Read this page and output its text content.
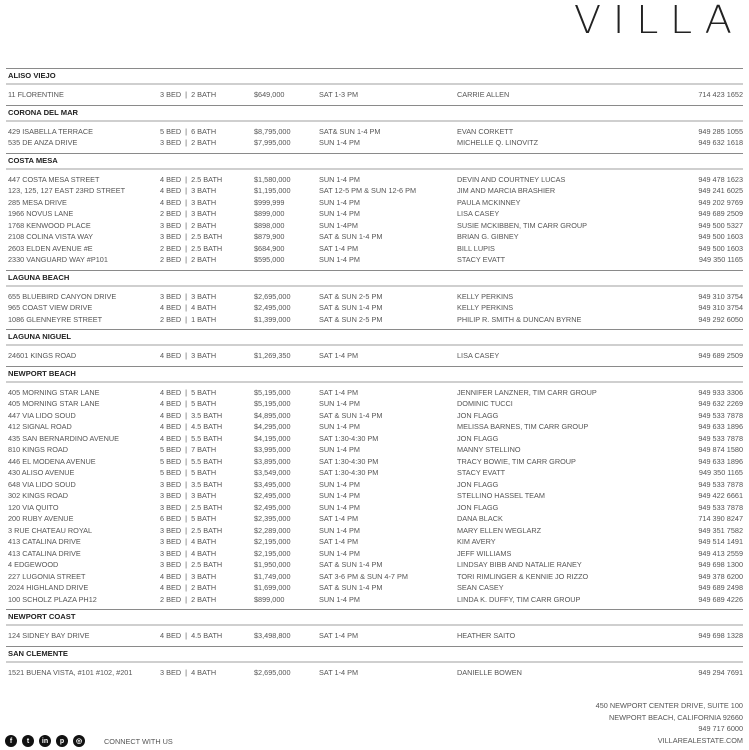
VILLA
ALISO VIEJO
11 FLORENTINE	3 BED  |  2 BATH	$649,000	SAT 1-3 PM	CARRIE ALLEN	714 423 1652
CORONA DEL MAR
429 ISABELLA TERRACE	5 BED  |  6 BATH	$8,795,000	SAT& SUN 1-4 PM	EVAN CORKETT	949 285 1055
535 DE ANZA DRIVE	3 BED  |  2 BATH	$7,995,000	SUN 1-4 PM	MICHELLE Q. LINOVITZ	949 632 1618
COSTA MESA
447 COSTA MESA STREET	4 BED  |  2.5 BATH	$1,580,000	SUN 1-4 PM	DEVIN AND COURTNEY LUCAS	949 478 1623
123, 125, 127 EAST 23RD STREET	4 BED  |  3 BATH	$1,195,000	SAT 12-5 PM & SUN 12-6 PM	JIM AND MARCIA BRASHIER	949 241 6025
285 MESA DRIVE	4 BED  |  3 BATH	$999,999	SUN 1-4 PM	PAULA MCKINNEY	949 202 9769
1966 NOVUS LANE	2 BED  |  3 BATH	$899,000	SUN 1-4 PM	LISA CASEY	949 689 2509
1768 KENWOOD PLACE	3 BED  |  2 BATH	$898,000	SUN 1-4PM	SUSIE MCKIBBEN, TIM CARR GROUP	949 500 5327
2108 COLINA VISTA WAY	3 BED  |  2.5 BATH	$879,900	SAT & SUN 1-4 PM	BRIAN G. GIBNEY	949 500 1603
2603 ELDEN AVENUE #E	2 BED  |  2.5 BATH	$684,900	SAT 1-4 PM	BILL LUPIS	949 500 1603
2330 VANGUARD WAY #P101	2 BED  |  2 BATH	$595,000	SUN 1-4 PM	STACY EVATT	949 350 1165
LAGUNA BEACH
655 BLUEBIRD CANYON DRIVE	3 BED  |  3 BATH	$2,695,000	SAT & SUN 2-5 PM	KELLY PERKINS	949 310 3754
965 COAST VIEW DRIVE	4 BED  |  4 BATH	$2,495,000	SAT & SUN 1-4 PM	KELLY PERKINS	949 310 3754
1086 GLENNEYRE STREET	2 BED  |  1 BATH	$1,399,000	SAT & SUN 2-5 PM	PHILIP R. SMITH & DUNCAN BYRNE	949 292 6050
LAGUNA NIGUEL
24601 KINGS ROAD	4 BED  |  3 BATH	$1,269,350	SAT 1-4 PM	LISA CASEY	949 689 2509
NEWPORT BEACH
405 MORNING STAR LANE	4 BED  |  5 BATH	$5,195,000	SAT 1-4 PM	JENNIFER LANZNER, TIM CARR GROUP	949 933 3306
405 MORNING STAR LANE	4 BED  |  5 BATH	$5,195,000	SUN 1-4 PM	DOMINIC TUCCI	949 632 2269
447 VIA LIDO SOUD	4 BED  |  3.5 BATH	$4,895,000	SAT & SUN 1-4 PM	JON FLAGG	949 533 7878
412 SIGNAL ROAD	4 BED  |  4.5 BATH	$4,295,000	SUN 1-4 PM	MELISSA BARNES, TIM CARR GROUP	949 633 1896
435 SAN BERNARDINO AVENUE	4 BED  |  5.5 BATH	$4,195,000	SAT 1:30-4:30 PM	JON FLAGG	949 533 7878
810 KINGS ROAD	5 BED  |  7 BATH	$3,995,000	SUN 1-4 PM	MANNY STELLINO	949 874 1580
446 EL MODENA AVENUE	5 BED  |  5.5 BATH	$3,895,000	SAT 1:30-4:30 PM	TRACY BOWIE, TIM CARR GROUP	949 633 1896
430 ALISO AVENUE	5 BED  |  5 BATH	$3,549,000	SAT 1:30-4:30 PM	STACY EVATT	949 350 1165
648 VIA LIDO SOUD	3 BED  |  3.5 BATH	$3,495,000	SUN 1-4 PM	JON FLAGG	949 533 7878
302 KINGS ROAD	3 BED  |  3 BATH	$2,495,000	SUN 1-4 PM	STELLINO HASSEL TEAM	949 422 6661
120 VIA QUITO	3 BED  |  2.5 BATH	$2,495,000	SUN 1-4 PM	JON FLAGG	949 533 7878
200 RUBY AVENUE	6 BED  |  5 BATH	$2,395,000	SAT 1-4 PM	DANA BLACK	714 390 8247
3 RUE CHATEAU ROYAL	3 BED  |  2.5 BATH	$2,289,000	SUN 1-4 PM	MARY ELLEN WEGLARZ	949 351 7582
413 CATALINA DRIVE	3 BED  |  4 BATH	$2,195,000	SAT 1-4 PM	KIM AVERY	949 514 1491
413 CATALINA DRIVE	3 BED  |  4 BATH	$2,195,000	SUN 1-4 PM	JEFF WILLIAMS	949 413 2559
4 EDGEWOOD	3 BED  |  2.5 BATH	$1,950,000	SAT & SUN 1-4 PM	LINDSAY BIBB AND NATALIE RANEY	949 698 1300
227 LUGONIA STREET	4 BED  |  3 BATH	$1,749,000	SAT 3-6 PM & SUN 4-7 PM	TORI RIMLINGER & KENNIE JO RIZZO	949 378 6200
2024 HIGHLAND DRIVE	4 BED  |  2 BATH	$1,699,000	SAT & SUN 1-4 PM	SEAN CASEY	949 689 2498
100 SCHOLZ PLAZA PH12	2 BED  |  2 BATH	$899,000	SUN 1-4 PM	LINDA K. DUFFY, TIM CARR GROUP	949 689 4226
NEWPORT COAST
124 SIDNEY BAY DRIVE	4 BED  |  4.5 BATH	$3,498,800	SAT 1-4 PM	HEATHER SAITO	949 698 1328
SAN CLEMENTE
1521 BUENA VISTA, #101 #102, #201	3 BED  |  4 BATH	$2,695,000	SAT 1-4 PM	DANIELLE BOWEN	949 294 7691
450 NEWPORT CENTER DRIVE, SUITE 100
NEWPORT BEACH, CALIFORNIA 92660
949 717 6000
VILLAREALESTATE.COM
f	t	in	p	◎	CONNECT WITH US
